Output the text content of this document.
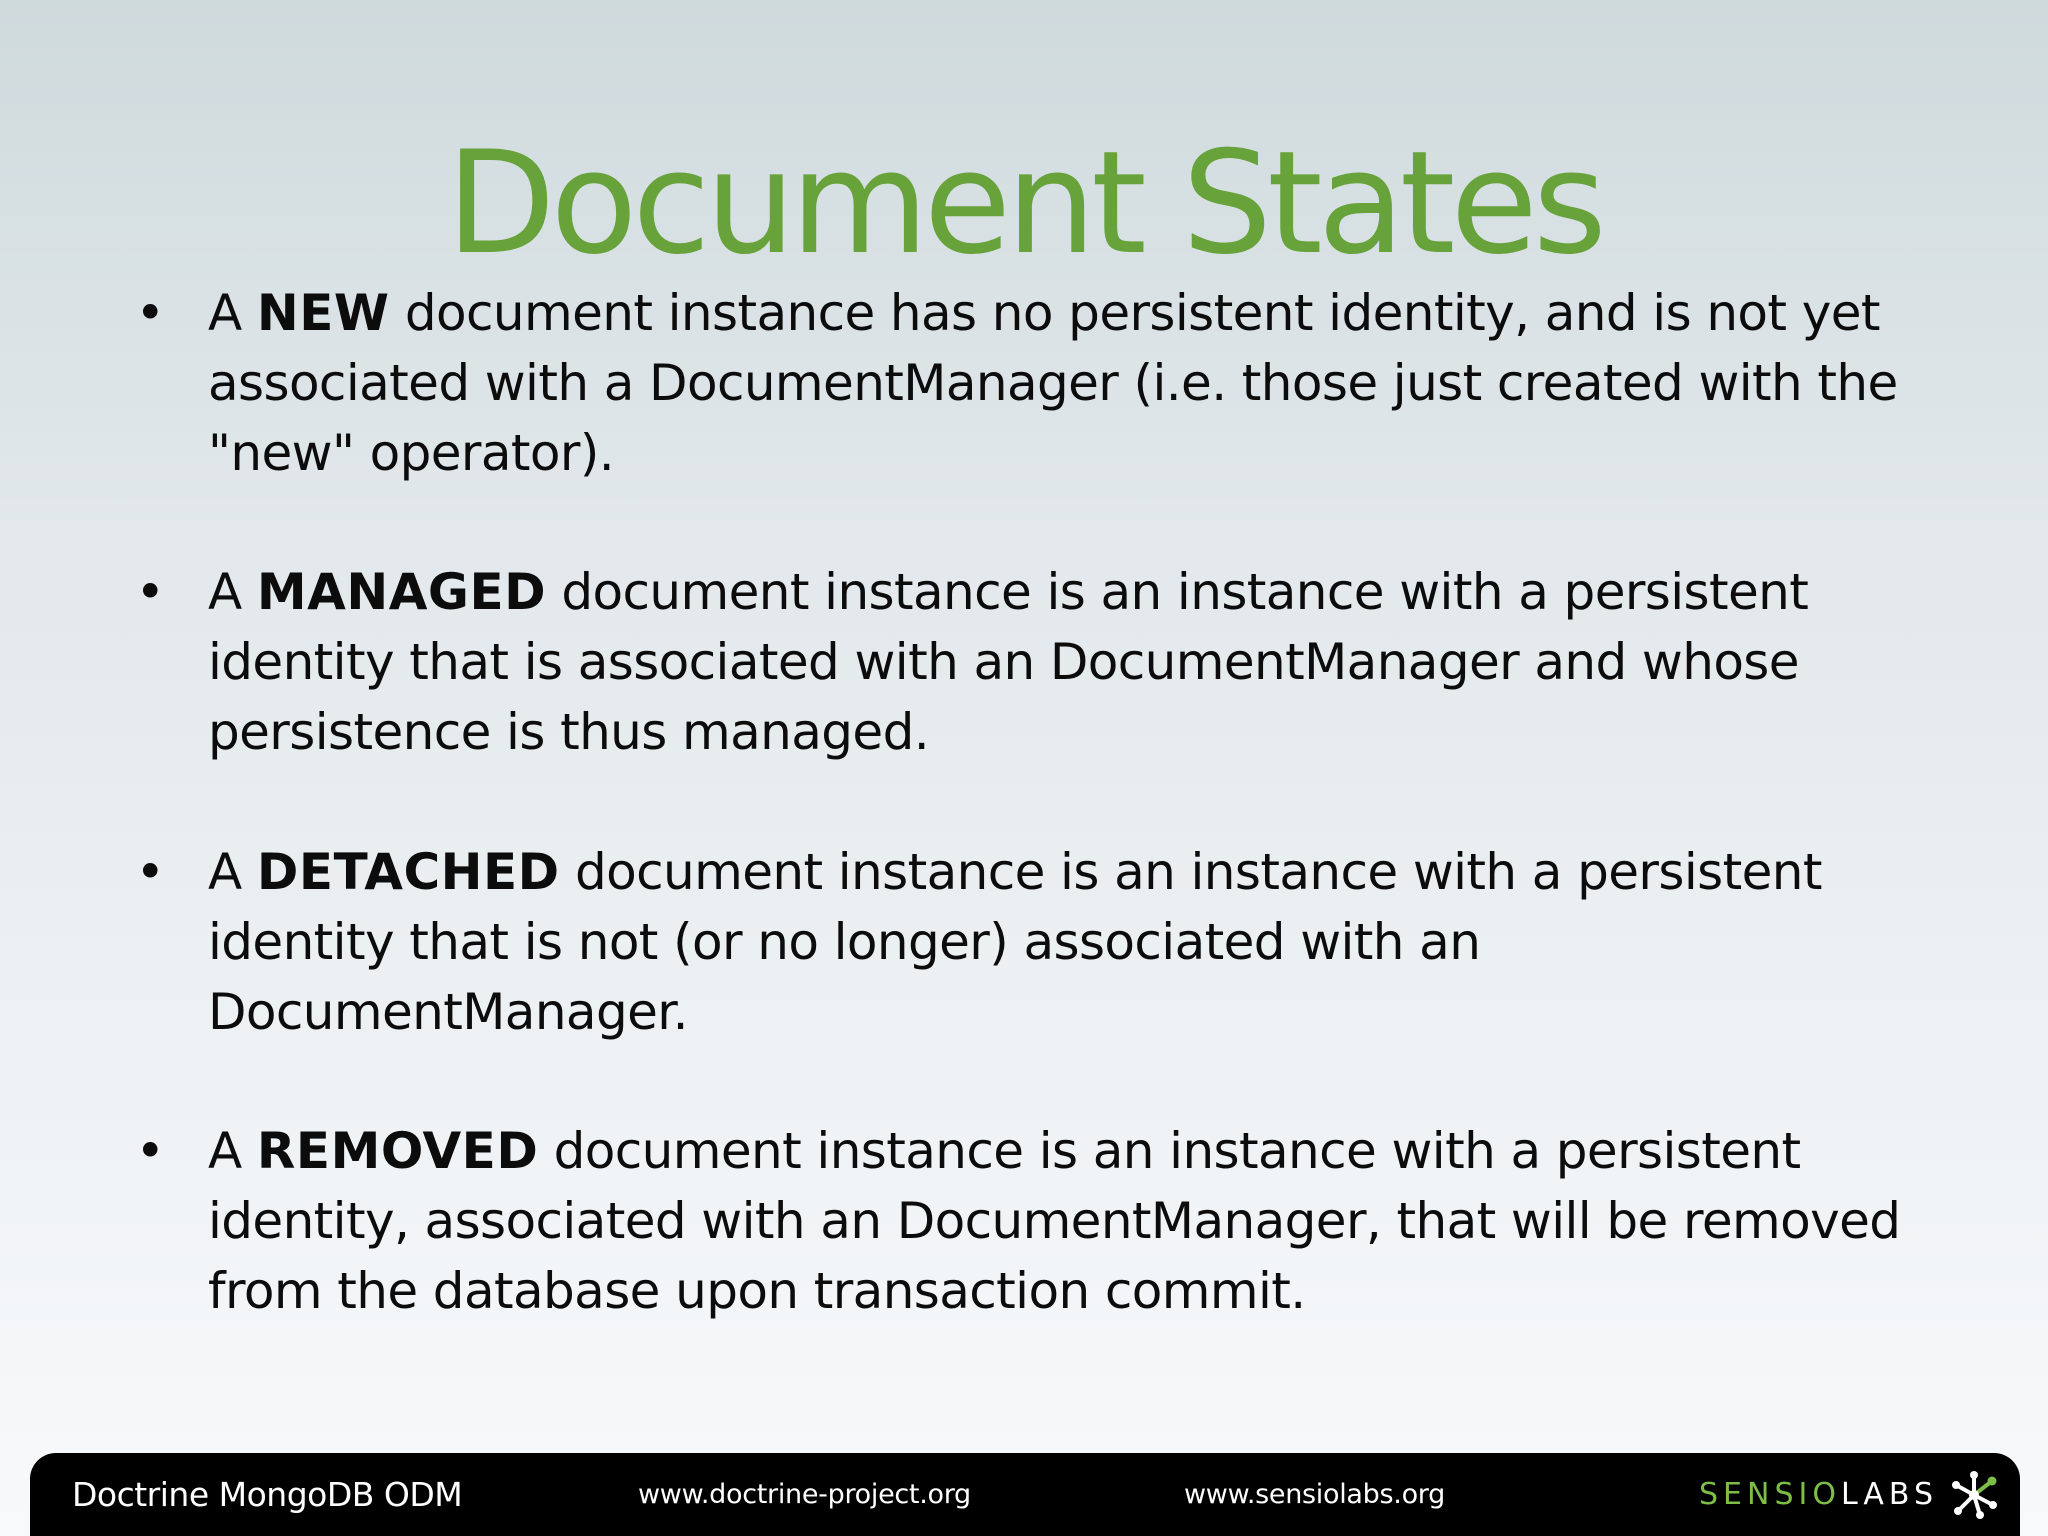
Document States
• A NEW document instance has no persistent identity, and is not yet associated with a DocumentManager (i.e. those just created with the "new" operator).
• A MANAGED document instance is an instance with a persistent identity that is associated with an DocumentManager and whose persistence is thus managed.
• A DETACHED document instance is an instance with a persistent identity that is not (or no longer) associated with an DocumentManager.
• A REMOVED document instance is an instance with a persistent identity, associated with an DocumentManager, that will be removed from the database upon transaction commit.
Doctrine MongoDB ODM	www.doctrine-project.org	www.sensiolabs.org	SENSIO LABS
